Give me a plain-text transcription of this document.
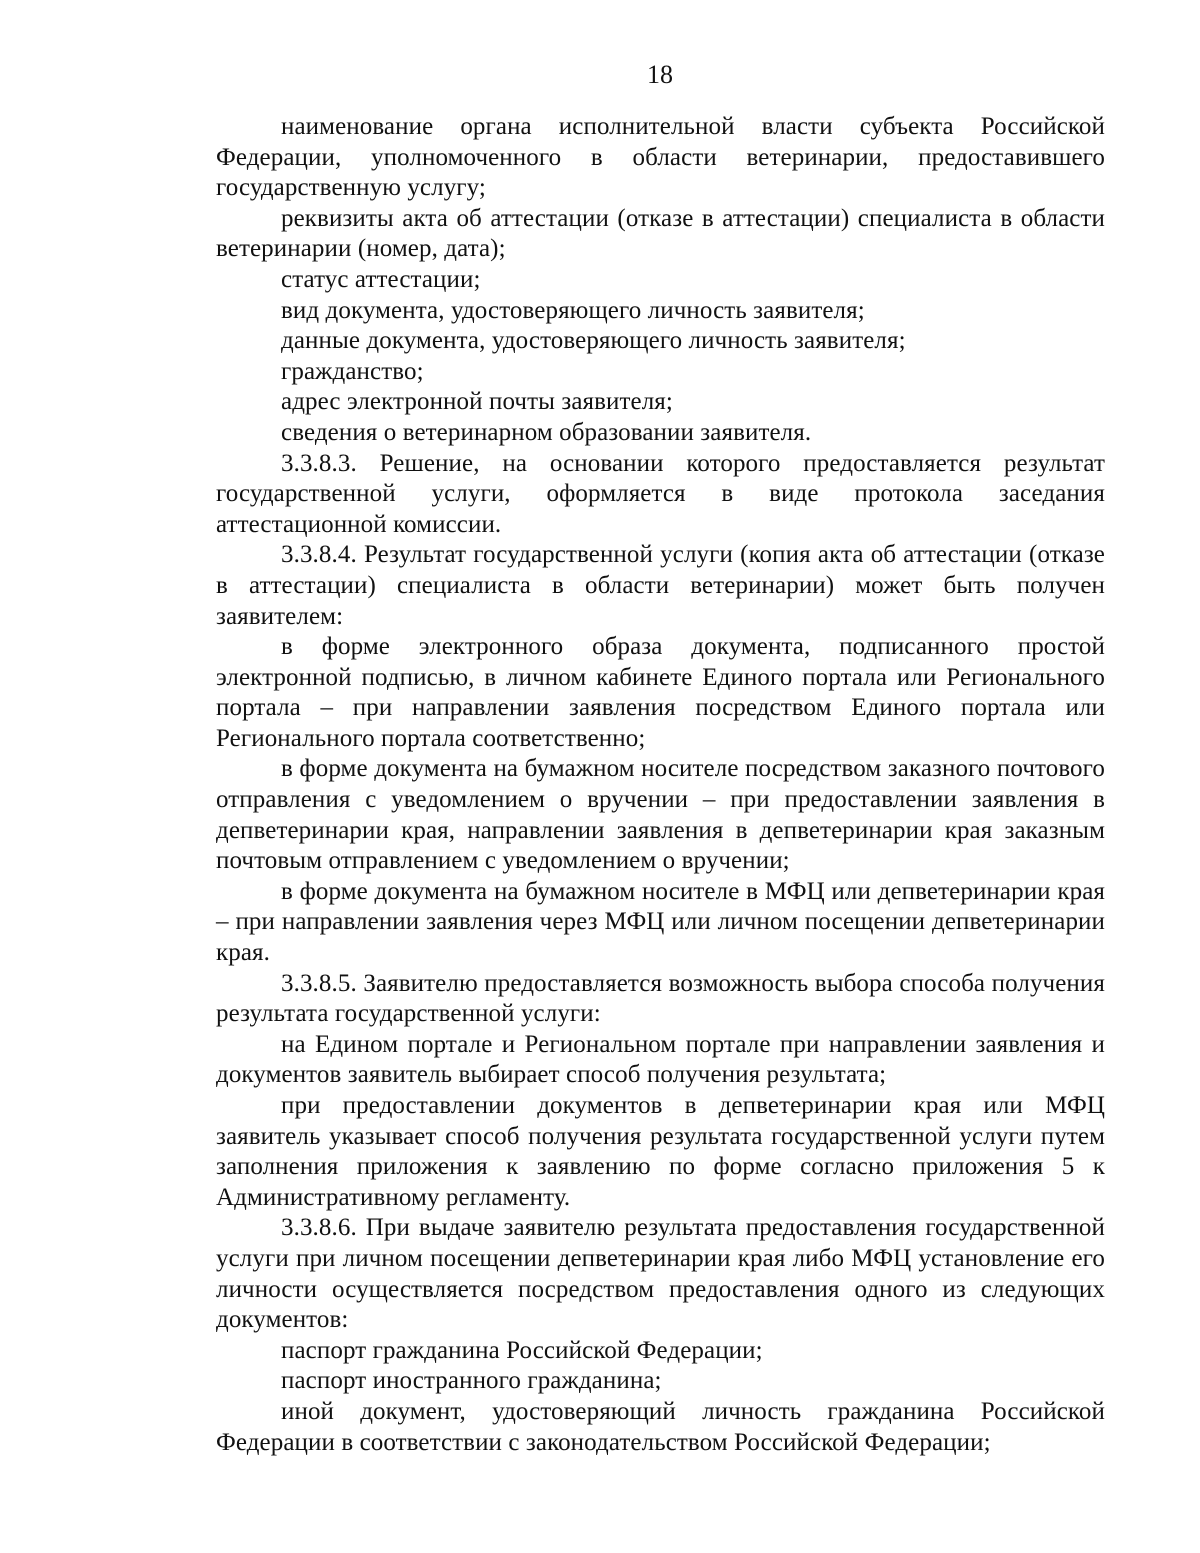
18

наименование органа исполнительной власти субъекта Российской Федерации, уполномоченного в области ветеринарии, предоставившего государственную услугу;

реквизиты акта об аттестации (отказе в аттестации) специалиста в области ветеринарии (номер, дата);

статус аттестации;

вид документа, удостоверяющего личность заявителя;

данные документа, удостоверяющего личность заявителя;

гражданство;

адрес электронной почты заявителя;

сведения о ветеринарном образовании заявителя.

3.3.8.3. Решение, на основании которого предоставляется результат государственной услуги, оформляется в виде протокола заседания аттестационной комиссии.

3.3.8.4. Результат государственной услуги (копия акта об аттестации (отказе в аттестации) специалиста в области ветеринарии) может быть получен заявителем:

в форме электронного образа документа, подписанного простой электронной подписью, в личном кабинете Единого портала или Регионального портала – при направлении заявления посредством Единого портала или Регионального портала соответственно;

в форме документа на бумажном носителе посредством заказного почтового отправления с уведомлением о вручении – при предоставлении заявления в депветеринарии края, направлении заявления в депветеринарии края заказным почтовым отправлением с уведомлением о вручении;

в форме документа на бумажном носителе в МФЦ или депветеринарии края – при направлении заявления через МФЦ или личном посещении депветеринарии края.

3.3.8.5. Заявителю предоставляется возможность выбора способа получения результата государственной услуги:

на Едином портале и Региональном портале при направлении заявления и документов заявитель выбирает способ получения результата;

при предоставлении документов в депветеринарии края или МФЦ заявитель указывает способ получения результата государственной услуги путем заполнения приложения к заявлению по форме согласно приложения 5 к Административному регламенту.

3.3.8.6. При выдаче заявителю результата предоставления государственной услуги при личном посещении депветеринарии края либо МФЦ установление его личности осуществляется посредством предоставления одного из следующих документов:

паспорт гражданина Российской Федерации;

паспорт иностранного гражданина;

иной документ, удостоверяющий личность гражданина Российской Федерации в соответствии с законодательством Российской Федерации;
